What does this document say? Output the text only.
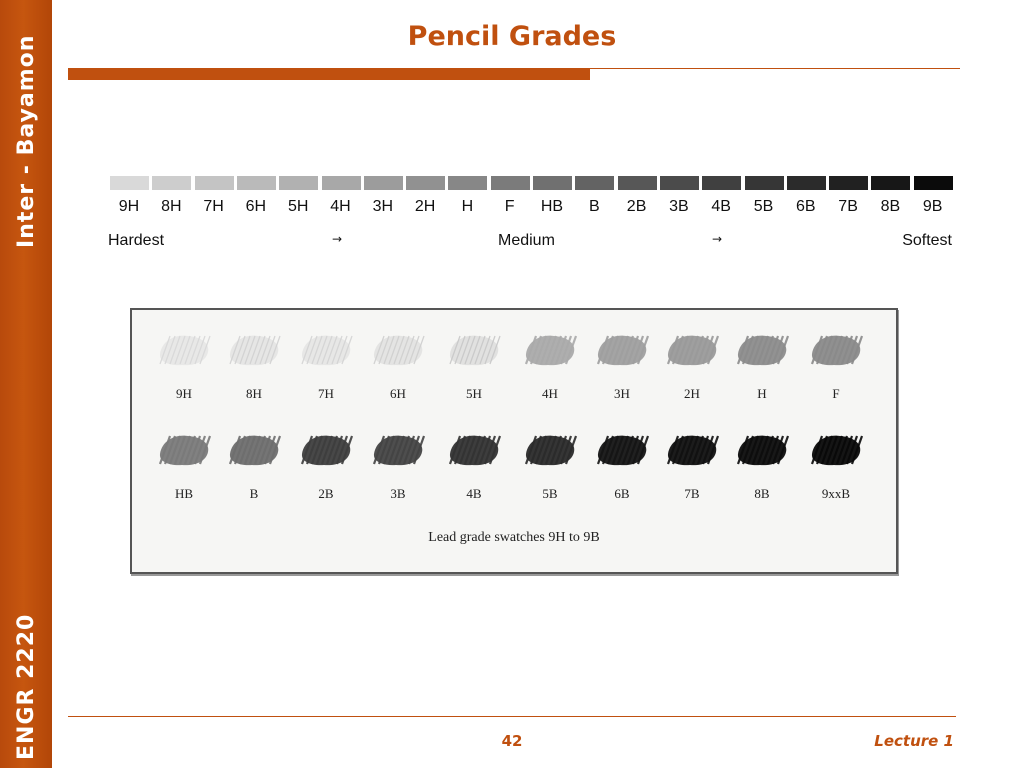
Inter - Bayamon
ENGR 2220
Pencil Grades
9H	8H	7H	6H	5H	4H	3H	2H	H	F	HB	B	2B	3B	4B	5B	6B	7B	8B	9B
Hardest	→	Medium	→	Softest
Lead grade swatches 9H to 9B
9H	8H	7H	6H	5H	4H	3H	2H	H	F
HB	B	2B	3B	4B	5B	6B	7B	8B	9xxB
42	Lecture 1
